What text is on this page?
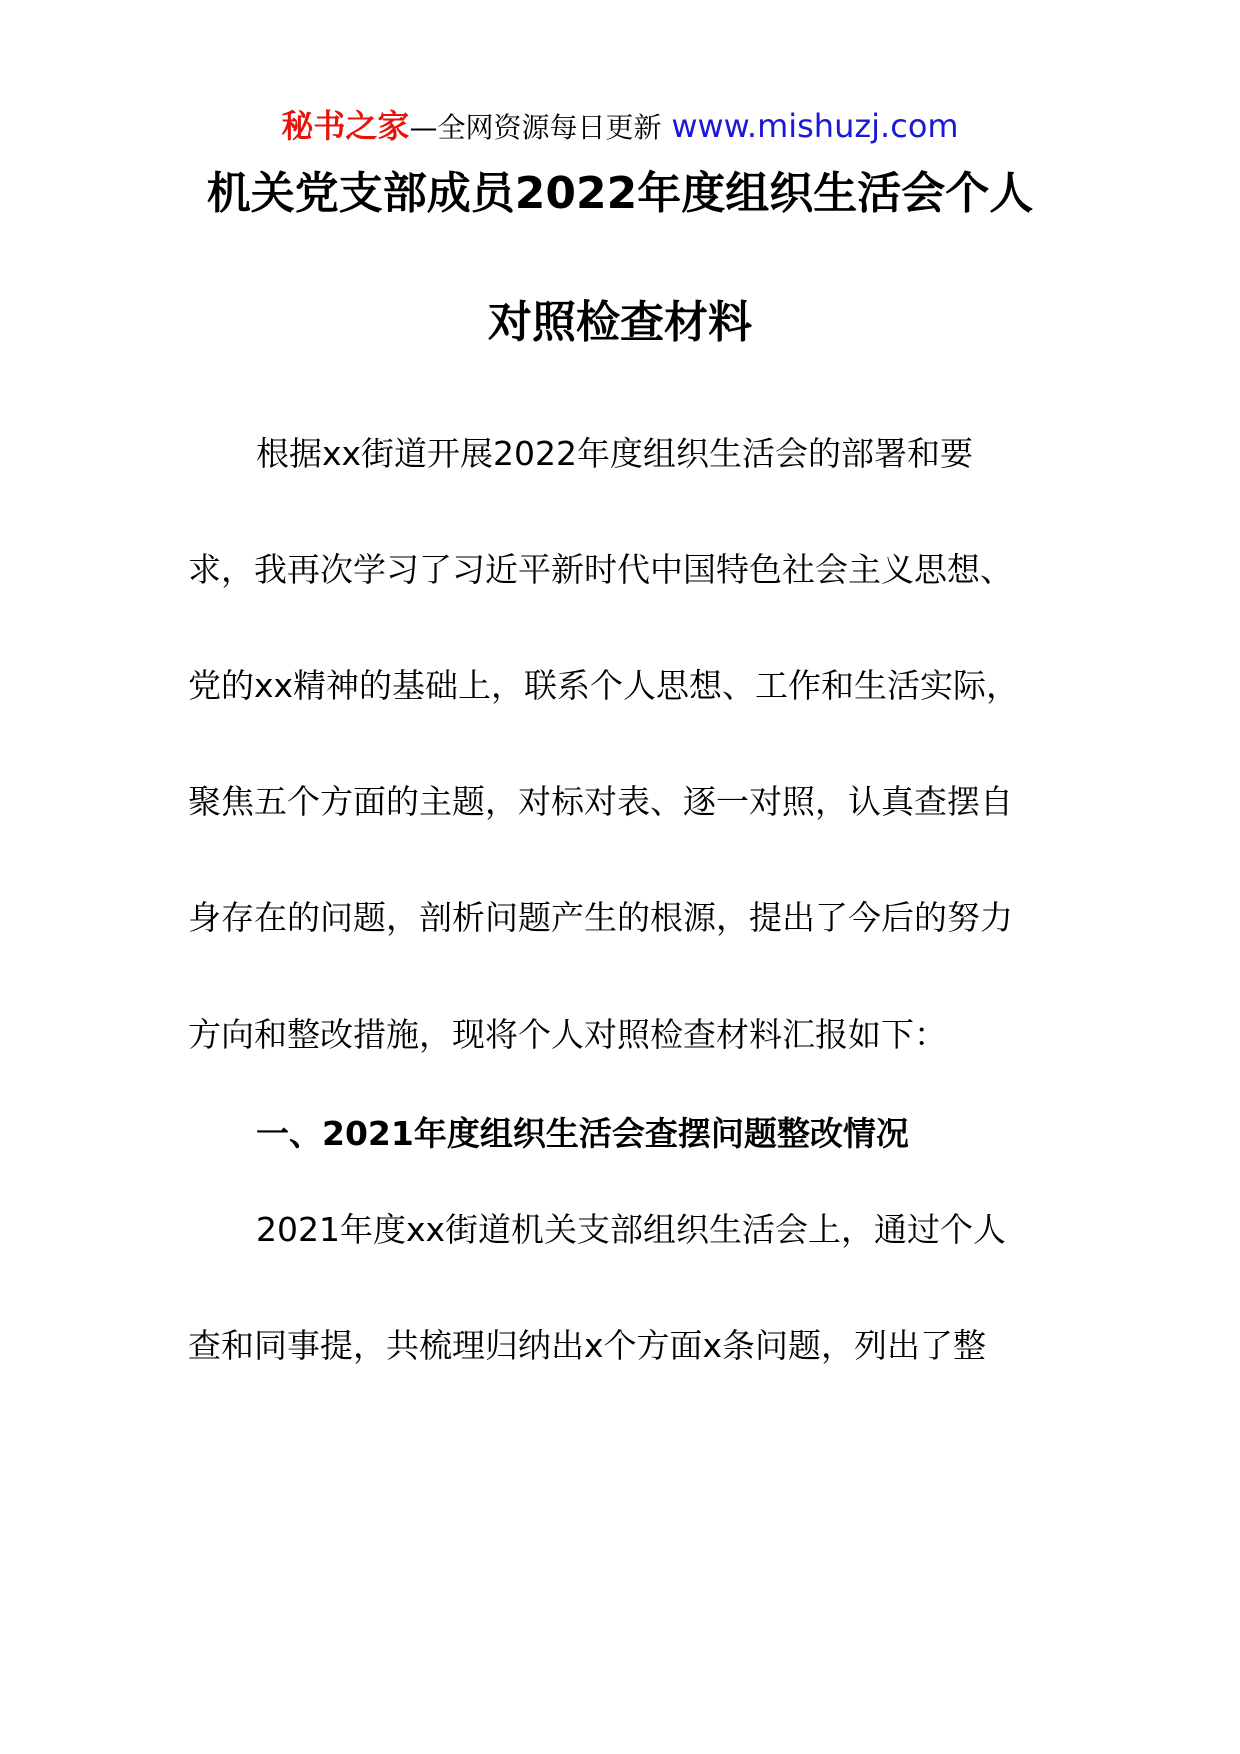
秘书之家—全网资源每日更新 www.mishuzj.com
机关党支部成员2022年度组织生活会个人
对照检查材料
根据xx街道开展2022年度组织生活会的部署和要
求，我再次学习了习近平新时代中国特色社会主义思想、
党的xx精神的基础上，联系个人思想、工作和生活实际，
聚焦五个方面的主题，对标对表、逐一对照，认真查摆自
身存在的问题，剖析问题产生的根源，提出了今后的努力
方向和整改措施，现将个人对照检查材料汇报如下：
一、2021年度组织生活会查摆问题整改情况
2021年度xx街道机关支部组织生活会上，通过个人
查和同事提，共梳理归纳出x个方面x条问题，列出了整
